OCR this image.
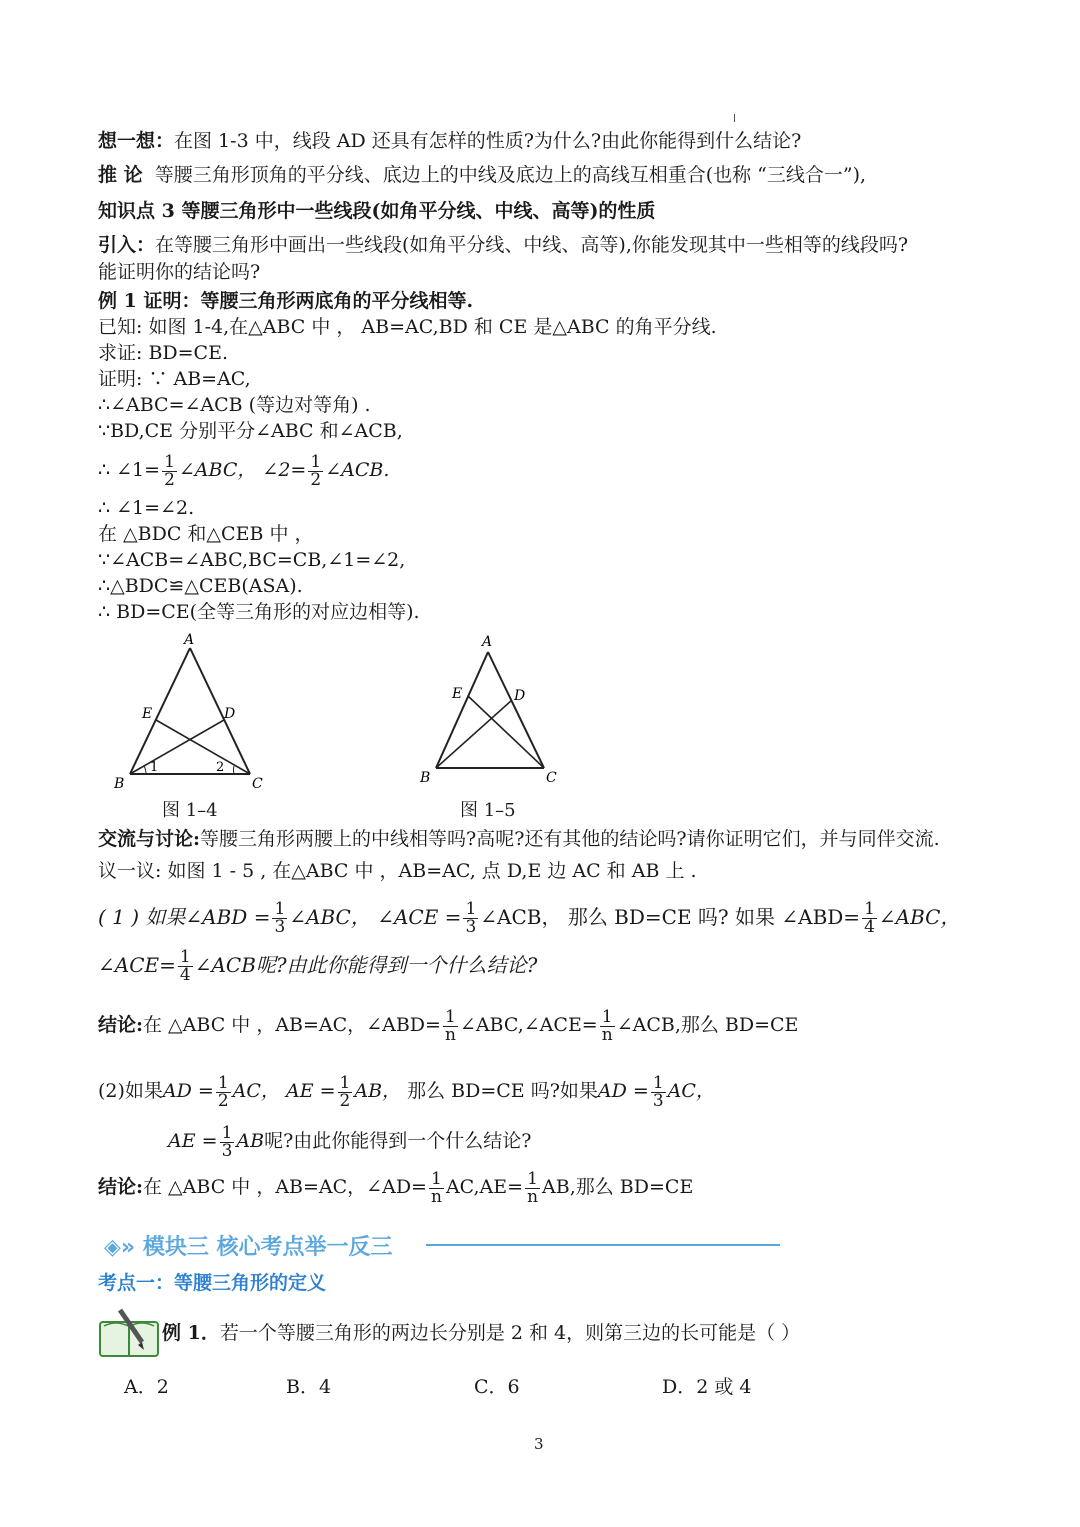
想一想：在图 1-3 中，线段 AD 还具有怎样的性质?为什么?由此你能得到什么结论?
推 论 等腰三角形顶角的平分线、底边上的中线及底边上的高线互相重合(也称 “三线合一”),
知识点 3 等腰三角形中一些线段(如角平分线、中线、高等)的性质
引入：在等腰三角形中画出一些线段(如角平分线、中线、高等),你能发现其中一些相等的线段吗?
能证明你的结论吗?
例 1 证明：等腰三角形两底角的平分线相等.
已知: 如图 1-4,在△ABC 中 ， AB=AC,BD 和 CE 是△ABC 的角平分线.
求证: BD=CE.
证明: ∵ AB=AC,
∴∠ABC=∠ACB (等边对等角) .
∵BD,CE 分别平分∠ABC 和∠ACB,
∴ ∠1= $\frac{1}{2}$ ∠ABC， ∠2= $\frac{1}{2}$ ∠ACB.
∴ ∠1=∠2.
在 △BDC 和△CEB 中 ，
∵∠ACB=∠ABC,BC=CB,∠1=∠2,
∴△BDC≌△CEB(ASA).
∴ BD=CE(全等三角形的对应边相等).
A
B	C
D
E
1	2
图 1–4
A
B	C
D
E
图 1–5
交流与讨论:等腰三角形两腰上的中线相等吗?高呢?还有其他的结论吗?请你证明它们，并与同伴交流.
议一议: 如图 1 - 5 , 在△ABC 中 ，AB=AC, 点 D,E 边 AC 和 AB 上 .
( 1 ) 如果∠ABD = $\frac{1}{3}$ ∠ABC， ∠ACE = $\frac{1}{3}$ ∠ACB， 那么 BD=CE 吗? 如果 ∠ABD= $\frac{1}{4}$ ∠ABC，
∠ACE= $\frac{1}{4}$ ∠ACB呢?由此你能得到一个什么结论?
结论:在 △ABC 中 ，AB=AC，∠ABD= $\frac{1}{n}$ ∠ABC,∠ACE= $\frac{1}{n}$ ∠ACB,那么 BD=CE
(2)如果AD = $\frac{1}{2}$ AC， AE = $\frac{1}{2}$ AB， 那么 BD=CE 吗?如果AD = $\frac{1}{3}$ AC，
AE = $\frac{1}{3}$ AB呢?由此你能得到一个什么结论?
结论:在 △ABC 中 ，AB=AC，∠AD= $\frac{1}{n} AC,AE= \frac{1}{n}$ AB,那么 BD=CE
◈» 模块三 核心考点举一反三
考点一：等腰三角形的定义
例 1．若一个等腰三角形的两边长分别是 2 和 4，则第三边的长可能是（ ）
A．2	B．4	C．6	D．2 或 4
3
